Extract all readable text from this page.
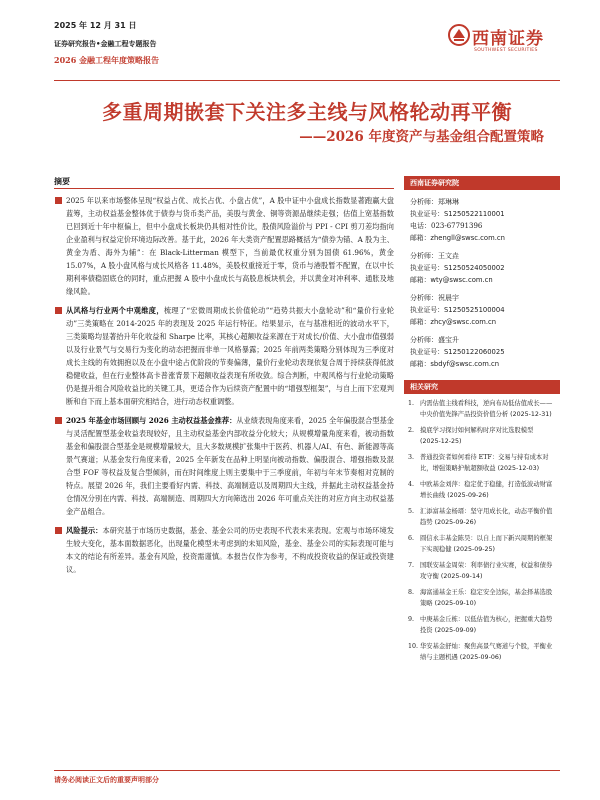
2025 年 12 月 31 日
证券研究报告•金融工程专题报告
2026 金融工程年度策略报告
西南证券
SOUTHWEST SECURITIES
多重周期嵌套下关注多主线与风格轮动再平衡
——2026 年度资产与基金组合配置策略
摘要
2025 年以来市场整体呈现“权益占优、成长占优、小盘占优”，A 股中证中小盘成长指数显著跑赢大盘蓝筹，主动权益基金整体优于债券与货币类产品，美股与黄金、铜等资源品继续走强；估值上宽基指数已回到近十年中枢偏上，但中小盘成长板块仍具相对性价比，股债风险溢价与 PPI - CPI 剪刀差均指向企业盈利与权益定价环境边际改善。基于此，2026 年大类资产配置思路概括为“债券为锚、A 股为主、黄金为盾、海外为辅”：在 Black-Litterman 模型下，当前最优权重分别为国债 61.96%，黄金 15.07%，A 股小盘风格与成长风格各 11.48%，美股权重接近于零，货币与港股暂不配置，在以中长期利率债稳固底仓的同时，重点把握 A 股中小盘成长与高股息板块机会，并以黄金对冲利率、通胀及地缘风险。
从风格与行业两个中观维度，梳理了“宏微周期成长价值轮动”“趋势共振大小盘轮动”和“量价行业轮动”三类策略在 2014-2025 年的表现及 2025 年运行特征。结果显示，在与基准相近的波动水平下，三类策略均显著抬升年化收益和 Sharpe 比率，其核心超额收益来源在于对成长/价值、大小盘市值强弱以及行业景气与交易行为变化的动态把握而非单一风格暴露；2025 年前两类策略分别体现为三季度对成长主线的有效拥抱以及在小盘中途占优阶段的节奏偏薄，量价行业轮动表现依复合周于持续获得低波稳健收益，但在行业整体高卡普涨背景下超额收益表现有所收敛。综合判断，中观风格与行业轮动策略仍是提升组合风险收益比的关键工具，更适合作为后续资产配置中的“增强型框架”，与自上而下宏观判断和自下而上基本面研究相结合，进行动态权重调整。
2025 年基金市场回顾与 2026 主动权益基金推荐：从业绩表现角度来看，2025 全年偏股混合型基金与灵活配置型基金收益表现较好，且主动权益基金内部收益分化较大；从规模增量角度来看，被动指数基金和偏股混合型基金是规模增量较大，且大多数规模扩张集中于医药、机器人/AI、有色、新能源等高景气赛道；从基金发行角度来看，2025 全年新发在品种上明显向被动指数、偏股混合、增强指数及混合型 FOF 等权益及复合型倾斜，而在时间维度上则主要集中于三季度前，年初与年末节奏相对克制的特点。展望 2026 年，我们主要看好内需、科技、高端制造以及周期四大主线，并据此主动权益基金持仓情况分别在内需、科技、高端制造、周期四大方向筛选出 2026 年可重点关注的对应方向主动权益基金产品组合。
风险提示：本研究基于市场历史数据，基金、基金公司的历史表现不代表未来表现。宏观与市场环境发生较大变化，基本面数据恶化，出现量化模型未考虑到的未知风险，基金、基金公司的实际表现可能与本文的结论有所差异。基金有风险，投资需谨慎。本报告仅作为参考，不构成投资收益的保证或投资建议。
西南证券研究院
分析师：郑琳琳
执业证号：S1250522110001
电话：023-67791396
邮箱：zhengll@swsc.com.cn
分析师：王文垚
执业证号：S1250524050002
邮箱：wty@swsc.com.cn
分析师：祝晨宇
执业证号：S1250525100004
邮箱：zhcy@swsc.com.cn
分析师：盛宝升
执业证号：S1250122060025
邮箱：sbdyf@swsc.com.cn
相关研究
1. 内需估值主线看科技，逆向布局低估值成长——中央价值先锋产品投资价值分析 (2025-12-31)
2. 摸底学习探讨如何解构时序对比选股模型 (2025-12-25)
3. 普通投资者如何看待 ETF：交易与持有成本对比，增强策略护航超额收益 (2025-12-03)
4. 中欧基金刘萍：稳定优于稳健，打造低波动财富增长曲线 (2025-09-26)
5. 汇添富基金杨瑨：坚守用成长化，动态平衡价值趋势 (2025-09-26)
6. 圆信永丰基金陈昊：以自上而下新兴周期的框架下实现稳健 (2025-09-25)
7. 国联安基金周荣：利率债行业实赛，权益和债券攻守衡 (2025-09-14)
8. 海富通基金王乐：稳定安全边际，基金择基选股策略 (2025-09-10)
9. 中庚基金丘栋：以低估值为核心，把握重大趋势投资 (2025-09-09)
10. 华安基金舒灿：聚焦高景气赛道与个股，平衡业绩与主题机遇 (2025-09-06)
请务必阅读正文后的重要声明部分
